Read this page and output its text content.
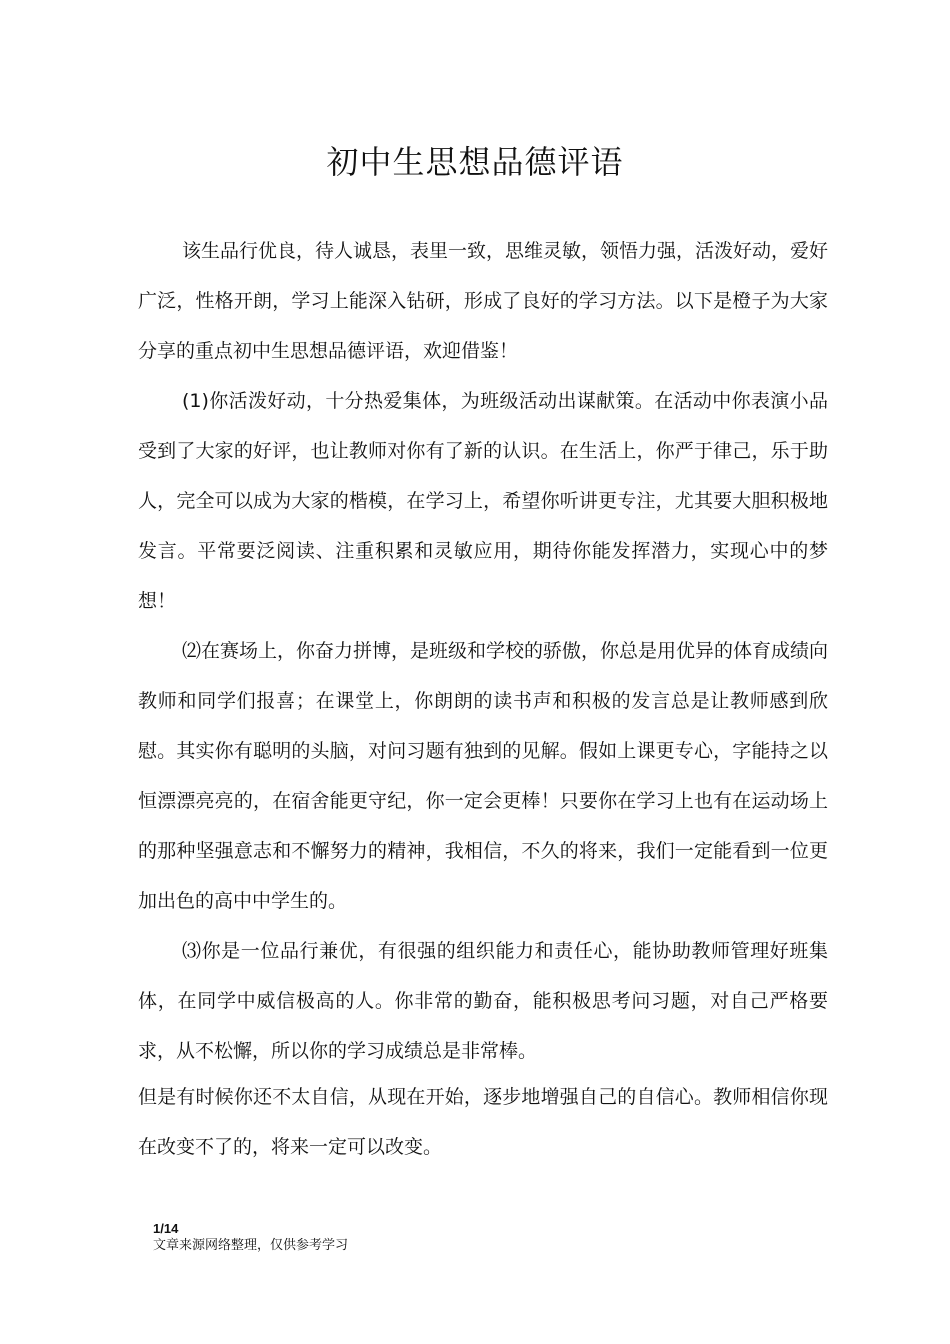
初中生思想品德评语

该生品行优良，待人诚恳，表里一致，思维灵敏，领悟力强，活泼好动，爱好广泛，性格开朗，学习上能深入钻研，形成了良好的学习方法。以下是橙子为大家分享的重点初中生思想品德评语，欢迎借鉴！

(1)你活泼好动，十分热爱集体，为班级活动出谋献策。在活动中你表演小品受到了大家的好评，也让教师对你有了新的认识。在生活上，你严于律己，乐于助人，完全可以成为大家的楷模，在学习上，希望你听讲更专注，尤其要大胆积极地发言。平常要泛阅读、注重积累和灵敏应用，期待你能发挥潜力，实现心中的梦想！

⑵在赛场上，你奋力拼博，是班级和学校的骄傲，你总是用优异的体育成绩向教师和同学们报喜；在课堂上，你朗朗的读书声和积极的发言总是让教师感到欣慰。其实你有聪明的头脑，对问习题有独到的见解。假如上课更专心，字能持之以恒漂漂亮亮的，在宿舍能更守纪，你一定会更棒！只要你在学习上也有在运动场上的那种坚强意志和不懈努力的精神，我相信，不久的将来，我们一定能看到一位更加出色的高中中学生的。

⑶你是一位品行兼优，有很强的组织能力和责任心，能协助教师管理好班集体，在同学中威信极高的人。你非常的勤奋，能积极思考问习题，对自己严格要求，从不松懈，所以你的学习成绩总是非常棒。

但是有时候你还不太自信，从现在开始，逐步地增强自己的自信心。教师相信你现在改变不了的，将来一定可以改变。

1/14
文章来源网络整理，仅供参考学习
